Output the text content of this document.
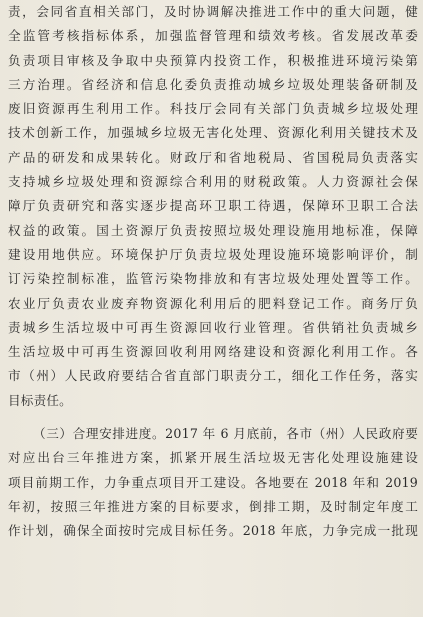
责，会同省直相关部门，及时协调解决推进工作中的重大问题，健
全监管考核指标体系，加强监督管理和绩效考核。省发展改革委
负责项目审核及争取中央预算内投资工作，积极推进环境污染第
三方治理。省经济和信息化委负责推动城乡垃圾处理装备研制及
废旧资源再生利用工作。科技厅会同有关部门负责城乡垃圾处理
技术创新工作，加强城乡垃圾无害化处理、资源化利用关键技术及
产品的研发和成果转化。财政厅和省地税局、省国税局负责落实
支持城乡垃圾处理和资源综合利用的财税政策。人力资源社会保
障厅负责研究和落实逐步提高环卫职工待遇，保障环卫职工合法
权益的政策。国土资源厅负责按照垃圾处理设施用地标准，保障
建设用地供应。环境保护厅负责垃圾处理设施环境影响评价，制
订污染控制标准，监管污染物排放和有害垃圾处理处置等工作。
农业厅负责农业废弃物资源化利用后的肥料登记工作。商务厅负
责城乡生活垃圾中可再生资源回收行业管理。省供销社负责城乡
生活垃圾中可再生资源回收利用网络建设和资源化利用工作。各
市（州）人民政府要结合省直部门职责分工，细化工作任务，落实
目标责任。
（三）合理安排进度。2017 年 6 月底前，各市（州）人民政府要
对应出台三年推进方案，抓紧开展生活垃圾无害化处理设施建设
项目前期工作，力争重点项目开工建设。各地要在 2018 年和 2019
年初，按照三年推进方案的目标要求，倒排工期，及时制定年度工
作计划，确保全面按时完成目标任务。2018 年底，力争完成一批现
